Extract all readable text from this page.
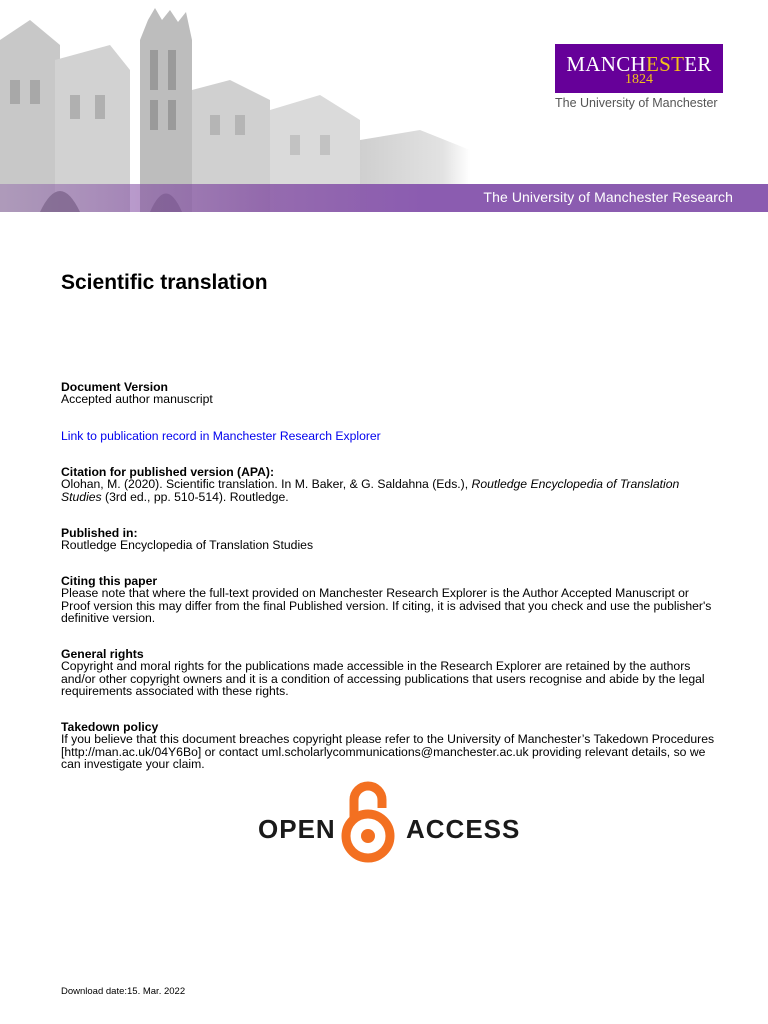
The University of Manchester Research
MANCHESTER
1824
The University of Manchester
Scientific translation
Document Version
Accepted author manuscript
Link to publication record in Manchester Research Explorer
Citation for published version (APA):
Olohan, M. (2020). Scientific translation. In M. Baker, & G. Saldahna (Eds.), Routledge Encyclopedia of Translation Studies (3rd ed., pp. 510-514). Routledge.
Published in:
Routledge Encyclopedia of Translation Studies
Citing this paper
Please note that where the full-text provided on Manchester Research Explorer is the Author Accepted Manuscript or Proof version this may differ from the final Published version. If citing, it is advised that you check and use the publisher's definitive version.
General rights
Copyright and moral rights for the publications made accessible in the Research Explorer are retained by the authors and/or other copyright owners and it is a condition of accessing publications that users recognise and abide by the legal requirements associated with these rights.
Takedown policy
If you believe that this document breaches copyright please refer to the University of Manchester’s Takedown Procedures [http://man.ac.uk/04Y6Bo] or contact uml.scholarlycommunications@manchester.ac.uk providing relevant details, so we can investigate your claim.
OPEN	ACCESS
Download date:15. Mar. 2022
